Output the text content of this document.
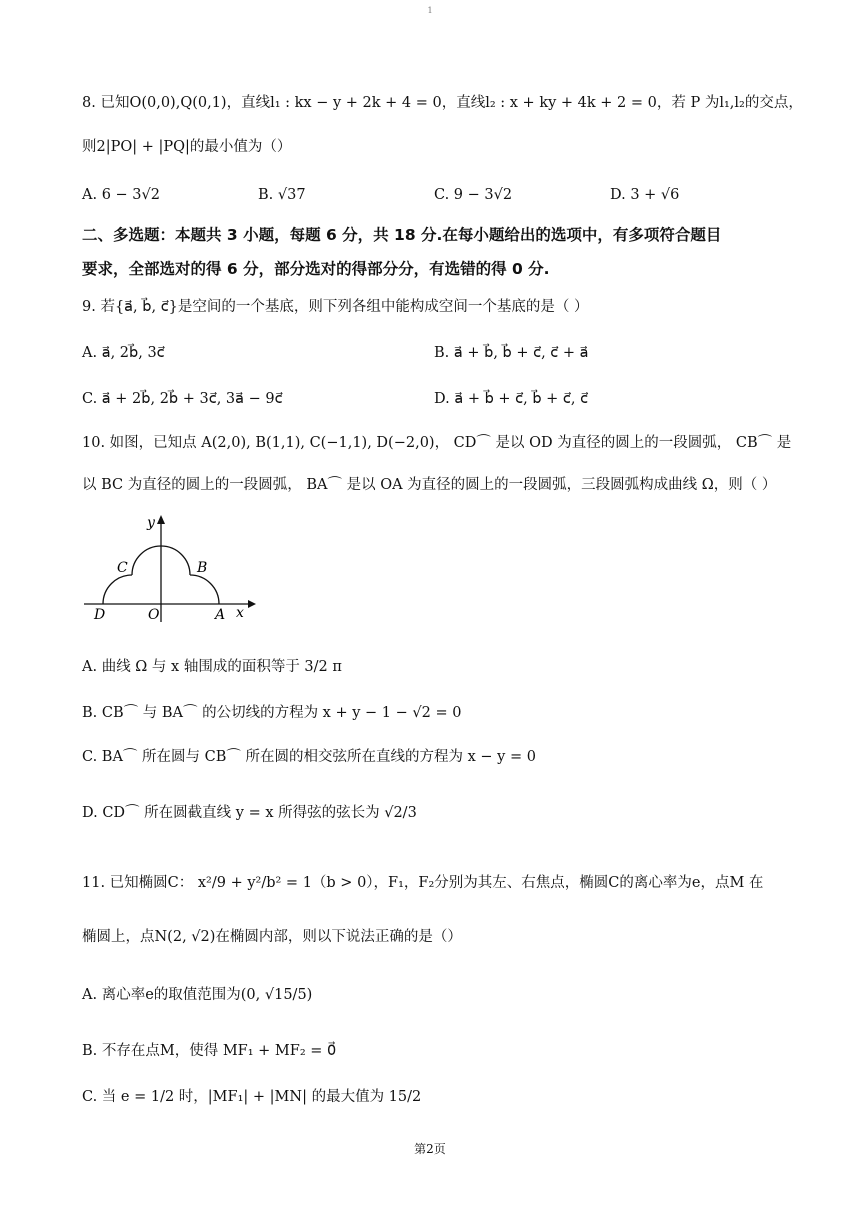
1
8. 已知O(0,0),Q(0,1)，直线l₁ : kx − y + 2k + 4 = 0，直线l₂ : x + ky + 4k + 2 = 0，若 P 为l₁,l₂的交点，
则2|PO| + |PQ|的最小值为（）
A. 6 − 3√2	B. √37	C. 9 − 3√2	D. 3 + √6
二、多选题：本题共 3 小题，每题 6 分，共 18 分.在每小题给出的选项中，有多项符合题目
要求，全部选对的得 6 分，部分选对的得部分分，有选错的得 0 分.
9. 若{a⃗, b⃗, c⃗}是空间的一个基底，则下列各组中能构成空间一个基底的是（ ）
A. a⃗, 2b⃗, 3c⃗	B. a⃗ + b⃗, b⃗ + c⃗, c⃗ + a⃗
C. a⃗ + 2b⃗, 2b⃗ + 3c⃗, 3a⃗ − 9c⃗	D. a⃗ + b⃗ + c⃗, b⃗ + c⃗, c⃗
10. 如图，已知点 A(2,0), B(1,1), C(−1,1), D(−2,0)， CD⌒ 是以 OD 为直径的圆上的一段圆弧， CB⌒ 是
以 BC 为直径的圆上的一段圆弧， BA⌒ 是以 OA 为直径的圆上的一段圆弧，三段圆弧构成曲线 Ω，则（ ）
y
x
C	B
D	O	A
A. 曲线 Ω 与 x 轴围成的面积等于 3/2 π
B. CB⌒ 与 BA⌒ 的公切线的方程为 x + y − 1 − √2 = 0
C. BA⌒ 所在圆与 CB⌒ 所在圆的相交弦所在直线的方程为 x − y = 0
D. CD⌒ 所在圆截直线 y = x 所得弦的弦长为 √2/3
11. 已知椭圆C： x²/9 + y²/b² = 1（b > 0），F₁，F₂分别为其左、右焦点，椭圆C的离心率为e，点M 在
椭圆上，点N(2, √2)在椭圆内部，则以下说法正确的是（）
A. 离心率e的取值范围为(0, √15/5)
B. 不存在点M，使得 MF₁ + MF₂ = 0⃗
C. 当 e = 1/2 时，|MF₁| + |MN| 的最大值为 15/2
第2页
